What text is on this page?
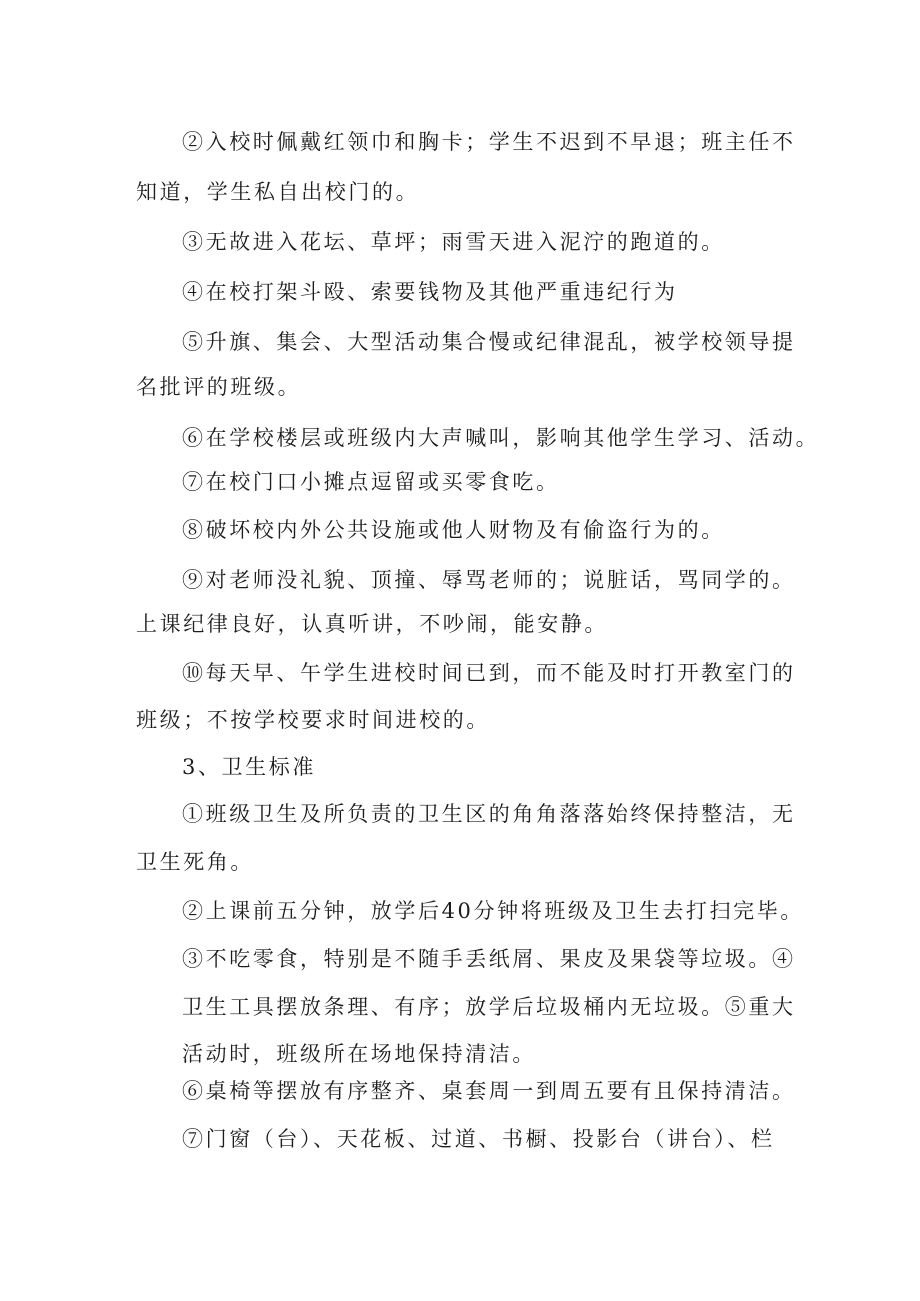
②入校时佩戴红领巾和胸卡；学生不迟到不早退；班主任不

知道，学生私自出校门的。

③无故进入花坛、草坪；雨雪天进入泥泞的跑道的。

④在校打架斗殴、索要钱物及其他严重违纪行为

⑤升旗、集会、大型活动集合慢或纪律混乱，被学校领导提

名批评的班级。

⑥在学校楼层或班级内大声喊叫，影响其他学生学习、活动。

⑦在校门口小摊点逗留或买零食吃。

⑧破坏校内外公共设施或他人财物及有偷盗行为的。

⑨对老师没礼貌、顶撞、辱骂老师的；说脏话，骂同学的。

上课纪律良好，认真听讲，不吵闹，能安静。

⑩每天早、午学生进校时间已到，而不能及时打开教室门的

班级；不按学校要求时间进校的。

3、卫生标准

①班级卫生及所负责的卫生区的角角落落始终保持整洁，无

卫生死角。

②上课前五分钟，放学后40分钟将班级及卫生去打扫完毕。

③不吃零食，特别是不随手丢纸屑、果皮及果袋等垃圾。④

卫生工具摆放条理、有序；放学后垃圾桶内无垃圾。⑤重大

活动时，班级所在场地保持清洁。

⑥桌椅等摆放有序整齐、桌套周一到周五要有且保持清洁。

⑦门窗（台）、天花板、过道、书橱、投影台（讲台）、栏
